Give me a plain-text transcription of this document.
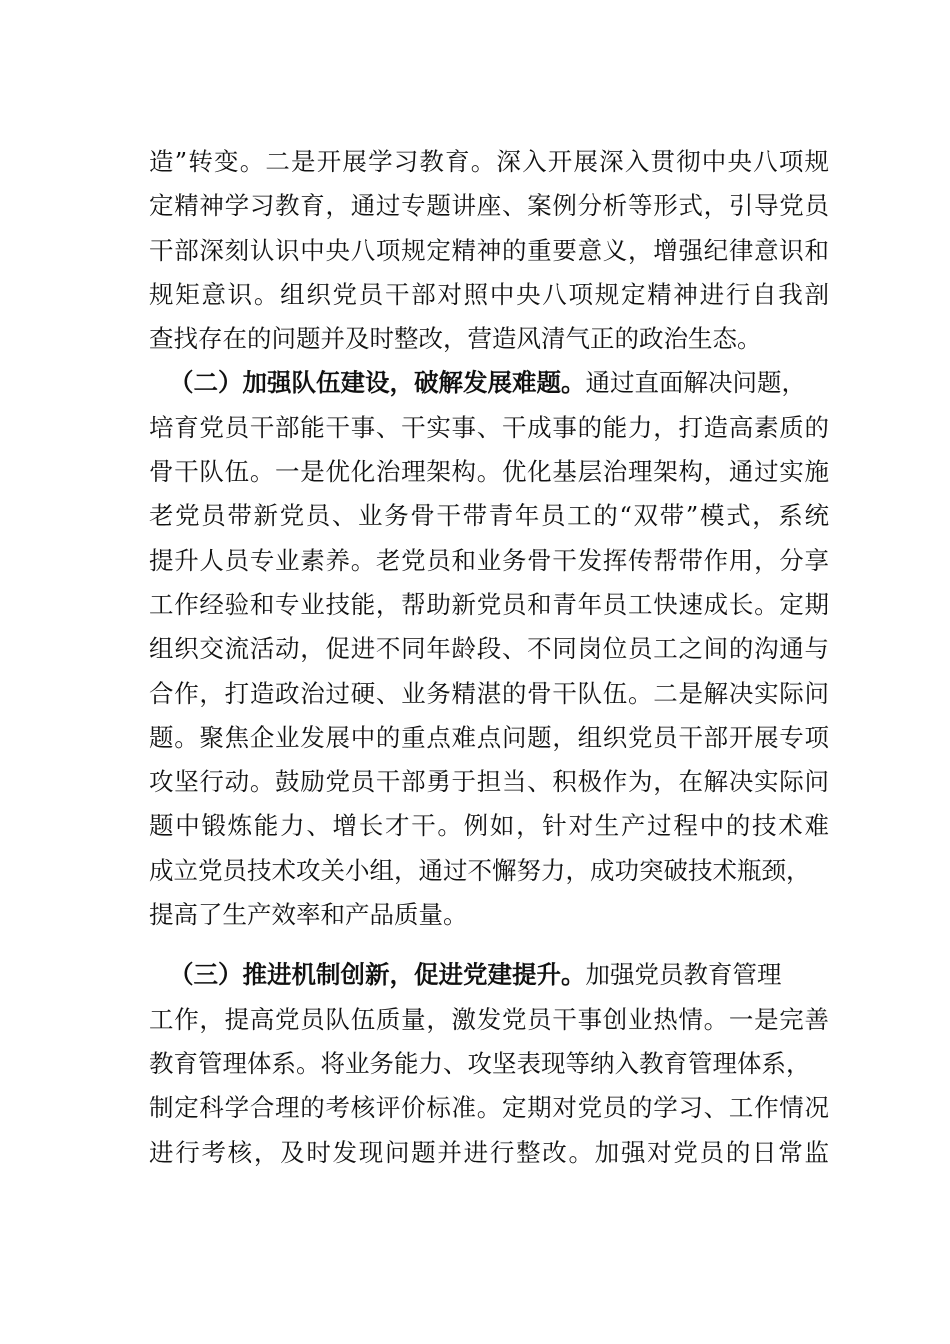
造”转变。二是开展学习教育。深入开展深入贯彻中央八项规
定精神学习教育，通过专题讲座、案例分析等形式，引导党员
干部深刻认识中央八项规定精神的重要意义，增强纪律意识和
规矩意识。组织党员干部对照中央八项规定精神进行自我剖
查找存在的问题并及时整改，营造风清气正的政治生态。
（二）加强队伍建设，破解发展难题。通过直面解决问题，
培育党员干部能干事、干实事、干成事的能力，打造高素质的
骨干队伍。一是优化治理架构。优化基层治理架构，通过实施
老党员带新党员、业务骨干带青年员工的“双带”模式，系统
提升人员专业素养。老党员和业务骨干发挥传帮带作用，分享
工作经验和专业技能，帮助新党员和青年员工快速成长。定期
组织交流活动，促进不同年龄段、不同岗位员工之间的沟通与
合作，打造政治过硬、业务精湛的骨干队伍。二是解决实际问
题。聚焦企业发展中的重点难点问题，组织党员干部开展专项
攻坚行动。鼓励党员干部勇于担当、积极作为，在解决实际问
题中锻炼能力、增长才干。例如，针对生产过程中的技术难
成立党员技术攻关小组，通过不懈努力，成功突破技术瓶颈，
提高了生产效率和产品质量。
（三）推进机制创新，促进党建提升。加强党员教育管理
工作，提高党员队伍质量，激发党员干事创业热情。一是完善
教育管理体系。将业务能力、攻坚表现等纳入教育管理体系，
制定科学合理的考核评价标准。定期对党员的学习、工作情况
进行考核，及时发现问题并进行整改。加强对党员的日常监
